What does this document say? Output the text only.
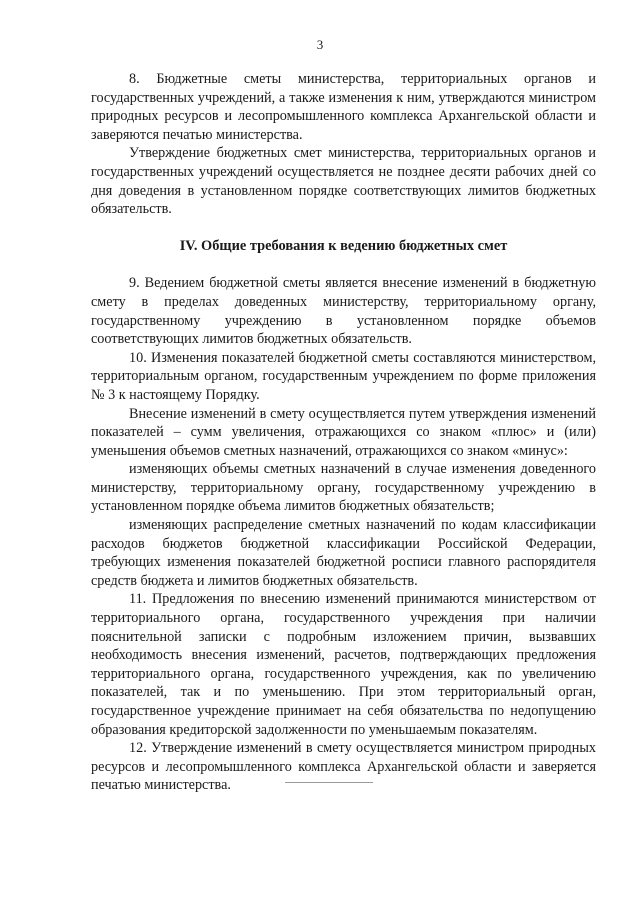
3

8. Бюджетные сметы министерства, территориальных органов и государственных учреждений, а также изменения к ним, утверждаются министром природных ресурсов и лесопромышленного комплекса Архангельской области и заверяются печатью министерства.

Утверждение бюджетных смет министерства, территориальных органов и государственных учреждений осуществляется не позднее десяти рабочих дней со дня доведения в установленном порядке соответствующих лимитов бюджетных обязательств.

IV. Общие требования к ведению бюджетных смет

9. Ведением бюджетной сметы является внесение изменений в бюджетную смету в пределах доведенных министерству, территориальному органу, государственному учреждению в установленном порядке объемов соответствующих лимитов бюджетных обязательств.

10. Изменения показателей бюджетной сметы составляются министерством, территориальным органом, государственным учреждением по форме приложения № 3 к настоящему Порядку.

Внесение изменений в смету осуществляется путем утверждения изменений показателей – сумм увеличения, отражающихся со знаком «плюс» и (или) уменьшения объемов сметных назначений, отражающихся со знаком «минус»:

изменяющих объемы сметных назначений в случае изменения доведенного министерству, территориальному органу, государственному учреждению в установленном порядке объема лимитов бюджетных обязательств;

изменяющих распределение сметных назначений по кодам классификации расходов бюджетов бюджетной классификации Российской Федерации, требующих изменения показателей бюджетной росписи главного распорядителя средств бюджета и лимитов бюджетных обязательств.

11. Предложения по внесению изменений принимаются министерством от территориального органа, государственного учреждения при наличии пояснительной записки с подробным изложением причин, вызвавших необходимость внесения изменений, расчетов, подтверждающих предложения территориального органа, государственного учреждения, как по увеличению показателей, так и по уменьшению. При этом территориальный орган, государственное учреждение принимает на себя обязательства по недопущению образования кредиторской задолженности по уменьшаемым показателям.

12. Утверждение изменений в смету осуществляется министром природных ресурсов и лесопромышленного комплекса Архангельской области и заверяется печатью министерства.
